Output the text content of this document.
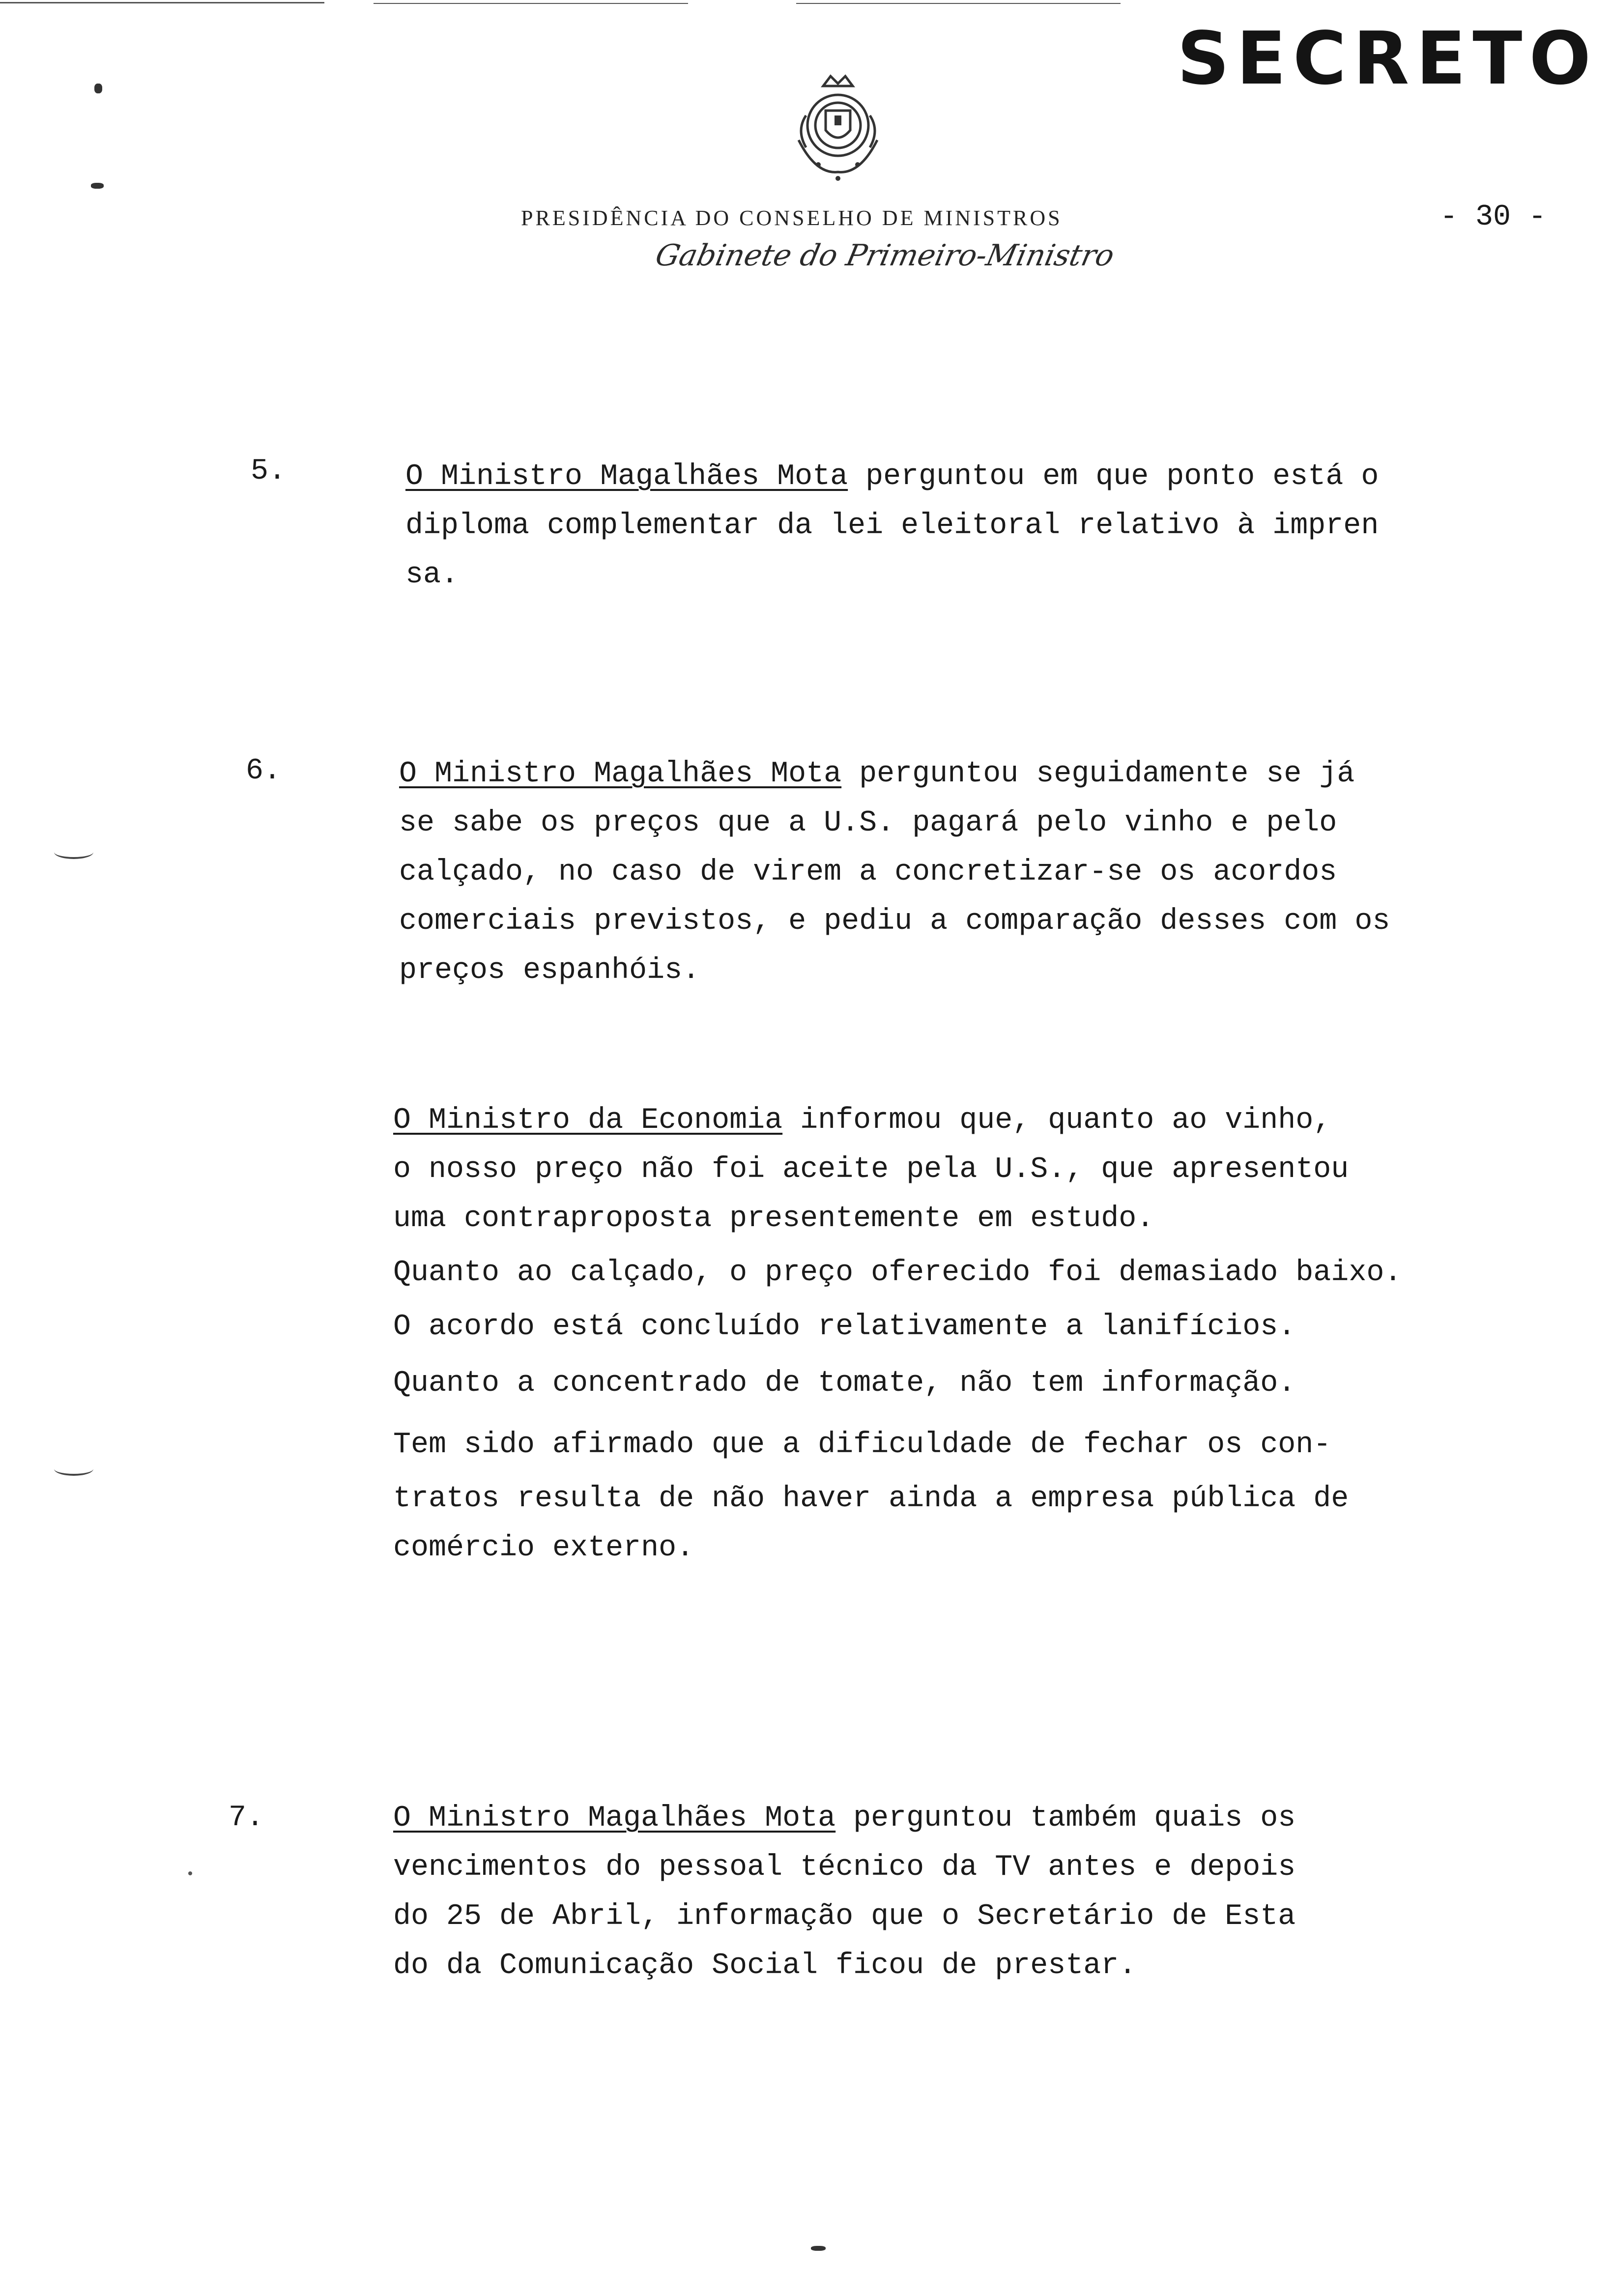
SECRETO
PRESIDÊNCIA DO CONSELHO DE MINISTROS
Gabinete do Primeiro-Ministro
- 30 -
5.	O Ministro Magalhães Mota perguntou em que ponto está o
diploma complementar da lei eleitoral relativo à impren
sa.
6.	O Ministro Magalhães Mota perguntou seguidamente se já
se sabe os preços que a U.S. pagará pelo vinho e pelo
calçado, no caso de virem a concretizar-se os acordos
comerciais previstos, e pediu a comparação desses com os
preços espanhóis.
O Ministro da Economia informou que, quanto ao vinho,
o nosso preço não foi aceite pela U.S., que apresentou
uma contraproposta presentemente em estudo.
Quanto ao calçado, o preço oferecido foi demasiado baixo.
O acordo está concluído relativamente a lanifícios.
Quanto a concentrado de tomate, não tem informação.
Tem sido afirmado que a dificuldade de fechar os con-
tratos resulta de não haver ainda a empresa pública de
comércio externo.
7.	O Ministro Magalhães Mota perguntou também quais os
vencimentos do pessoal técnico da TV antes e depois
do 25 de Abril, informação que o Secretário de Esta
do da Comunicação Social ficou de prestar.
